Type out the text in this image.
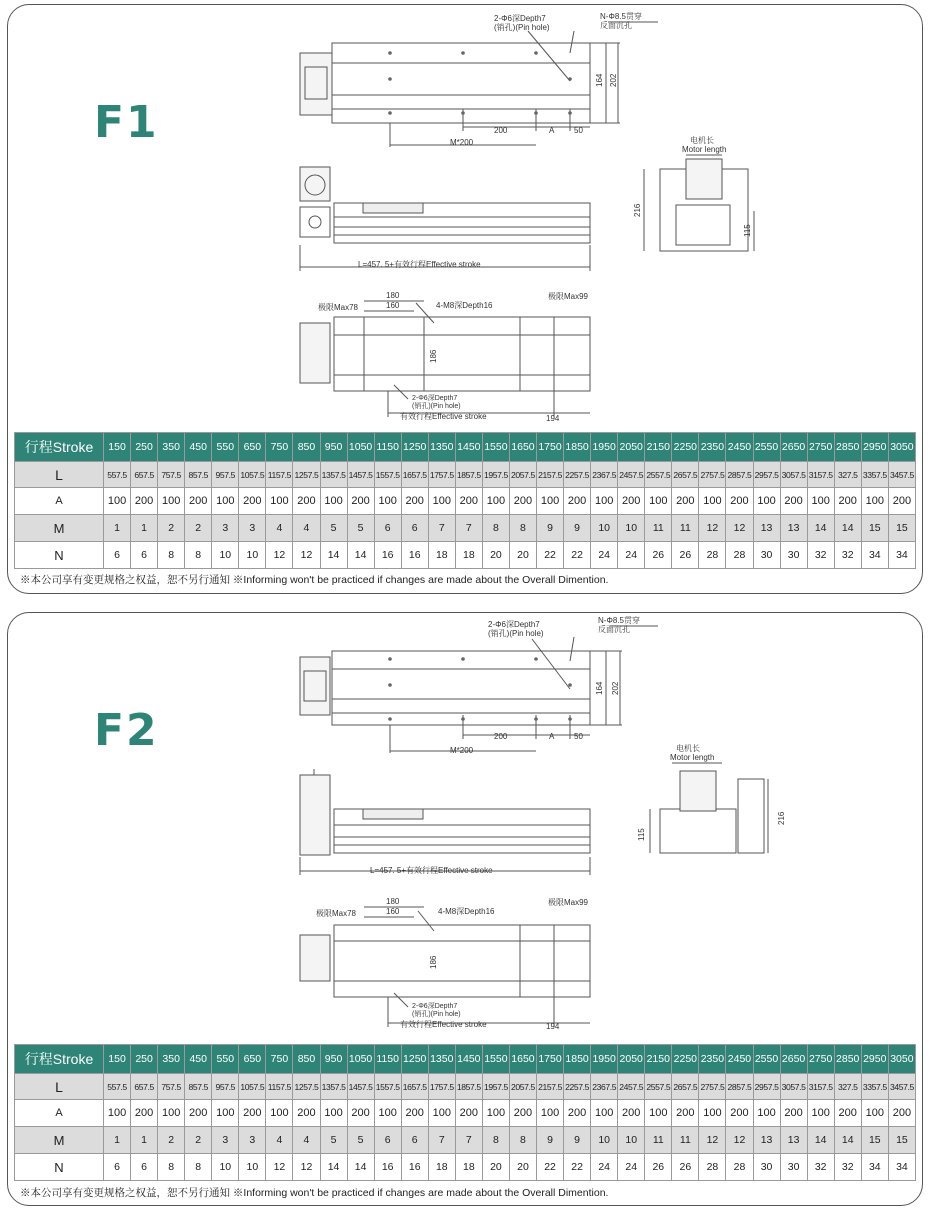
F1
2-Φ6深Depth7
(销孔)(Pin hole)
N-Φ8.5贯穿
反面沉孔
164 202
200	A 50
M*200	电机长
Motor length
216
115
L=457. 5+有效行程Effective stroke
180
160
极限Max78	4-M8深Depth16
极限Max99
186
2-Φ6深Depth7
(销孔)(Pin hole)
有效行程Effective stroke	194
行程Stroke	150	250	350	450	550	650	750	850	950	1050	1150	1250	1350	1450	1550	1650	1750	1850	1950	2050	2150	2250	2350	2450	2550	2650	2750	2850	2950	3050
L	557.5	657.5	757.5	857.5	957.5	1057.5	1157.5	1257.5	1357.5	1457.5	1557.5	1657.5	1757.5	1857.5	1957.5	2057.5	2157.5	2257.5	2367.5	2457.5	2557.5	2657.5	2757.5	2857.5	2957.5	3057.5	3157.5	327.5	3357.5	3457.5
A	100	200	100	200	100	200	100	200	100	200	100	200	100	200	100	200	100	200	100	200	100	200	100	200	100	200	100	200	100	200
M	1	1	2	2	3	3	4	4	5	5	6	6	7	7	8	8	9	9	10	10	11	11	12	12	13	13	14	14	15	15
N	6	6	8	8	10	10	12	12	14	14	16	16	18	18	20	20	22	22	24	24	26	26	28	28	30	30	32	32	34	34
※本公司享有变更规格之权益，恕不另行通知 ※Informing won't be practiced if changes are made about the Overall Dimention.
F2
2-Φ6深Depth7
(销孔)(Pin hole)
N-Φ8.5贯穿
反面沉孔
164 202
200	A 50
M*200	电机长
Motor length
216
115
L=457. 5+有效行程Effective stroke
180
160
极限Max78	4-M8深Depth16
极限Max99
186
2-Φ6深Depth7
(销孔)(Pin hole)
有效行程Effective stroke	194
行程Stroke	150	250	350	450	550	650	750	850	950	1050	1150	1250	1350	1450	1550	1650	1750	1850	1950	2050	2150	2250	2350	2450	2550	2650	2750	2850	2950	3050
L	557.5	657.5	757.5	857.5	957.5	1057.5	1157.5	1257.5	1357.5	1457.5	1557.5	1657.5	1757.5	1857.5	1957.5	2057.5	2157.5	2257.5	2367.5	2457.5	2557.5	2657.5	2757.5	2857.5	2957.5	3057.5	3157.5	327.5	3357.5	3457.5
A	100	200	100	200	100	200	100	200	100	200	100	200	100	200	100	200	100	200	100	200	100	200	100	200	100	200	100	200	100	200
M	1	1	2	2	3	3	4	4	5	5	6	6	7	7	8	8	9	9	10	10	11	11	12	12	13	13	14	14	15	15
N	6	6	8	8	10	10	12	12	14	14	16	16	18	18	20	20	22	22	24	24	26	26	28	28	30	30	32	32	34	34
※本公司享有变更规格之权益，恕不另行通知 ※Informing won't be practiced if changes are made about the Overall Dimention.
